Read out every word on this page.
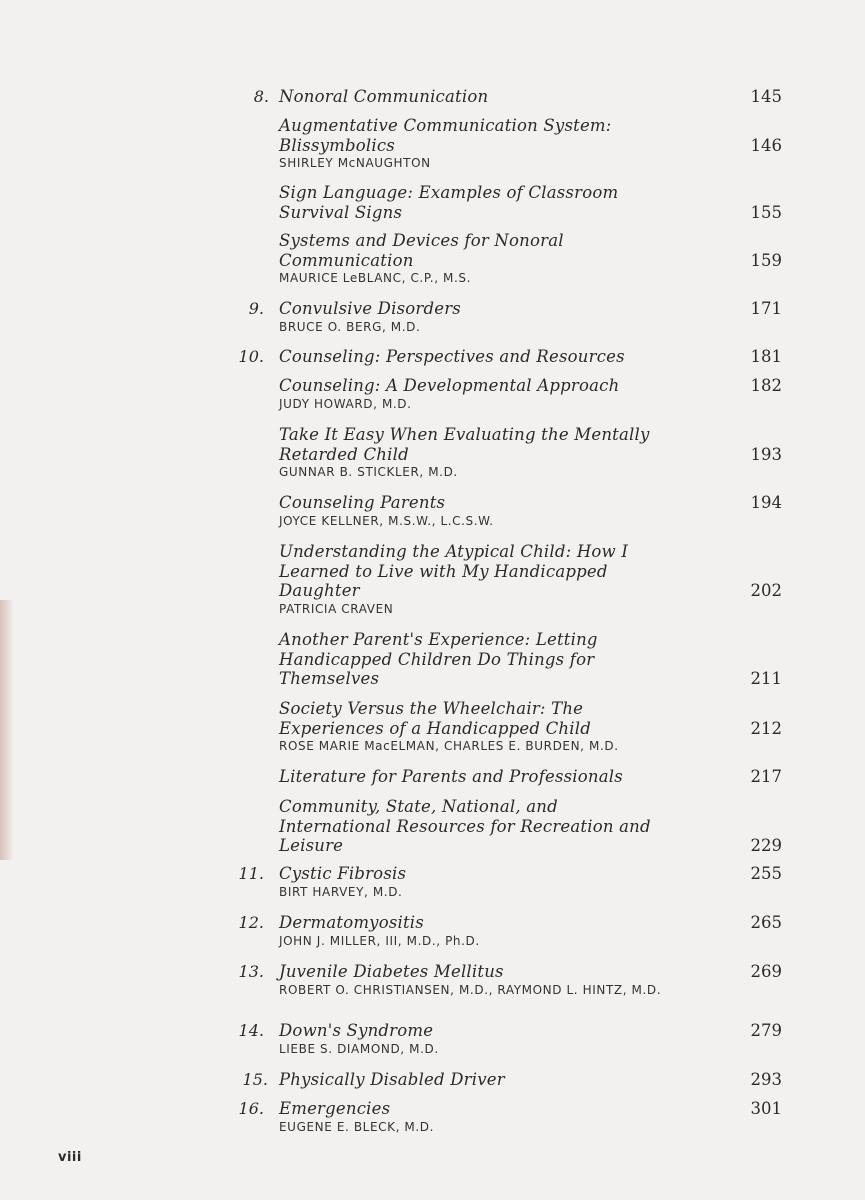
8. Nonoral Communication	145
Augmentative Communication System:
Blissymbolics	146
SHIRLEY McNAUGHTON
Sign Language: Examples of Classroom
Survival Signs	155
Systems and Devices for Nonoral
Communication	159
MAURICE LeBLANC, C.P., M.S.
9. Convulsive Disorders	171
BRUCE O. BERG, M.D.
10. Counseling: Perspectives and Resources	181
Counseling: A Developmental Approach	182
JUDY HOWARD, M.D.
Take It Easy When Evaluating the Mentally
Retarded Child	193
GUNNAR B. STICKLER, M.D.
Counseling Parents	194
JOYCE KELLNER, M.S.W., L.C.S.W.
Understanding the Atypical Child: How I
Learned to Live with My Handicapped
Daughter	202
PATRICIA CRAVEN
Another Parent's Experience: Letting
Handicapped Children Do Things for
Themselves	211
Society Versus the Wheelchair: The
Experiences of a Handicapped Child	212
ROSE MARIE MacELMAN, CHARLES E. BURDEN, M.D.
Literature for Parents and Professionals	217
Community, State, National, and
International Resources for Recreation and
Leisure	229
11. Cystic Fibrosis	255
BIRT HARVEY, M.D.
12. Dermatomyositis	265
JOHN J. MILLER, III, M.D., Ph.D.
13. Juvenile Diabetes Mellitus	269
ROBERT O. CHRISTIANSEN, M.D., RAYMOND L. HINTZ, M.D.
14. Down's Syndrome	279
LIEBE S. DIAMOND, M.D.
15. Physically Disabled Driver	293
16. Emergencies	301
EUGENE E. BLECK, M.D.
viii
